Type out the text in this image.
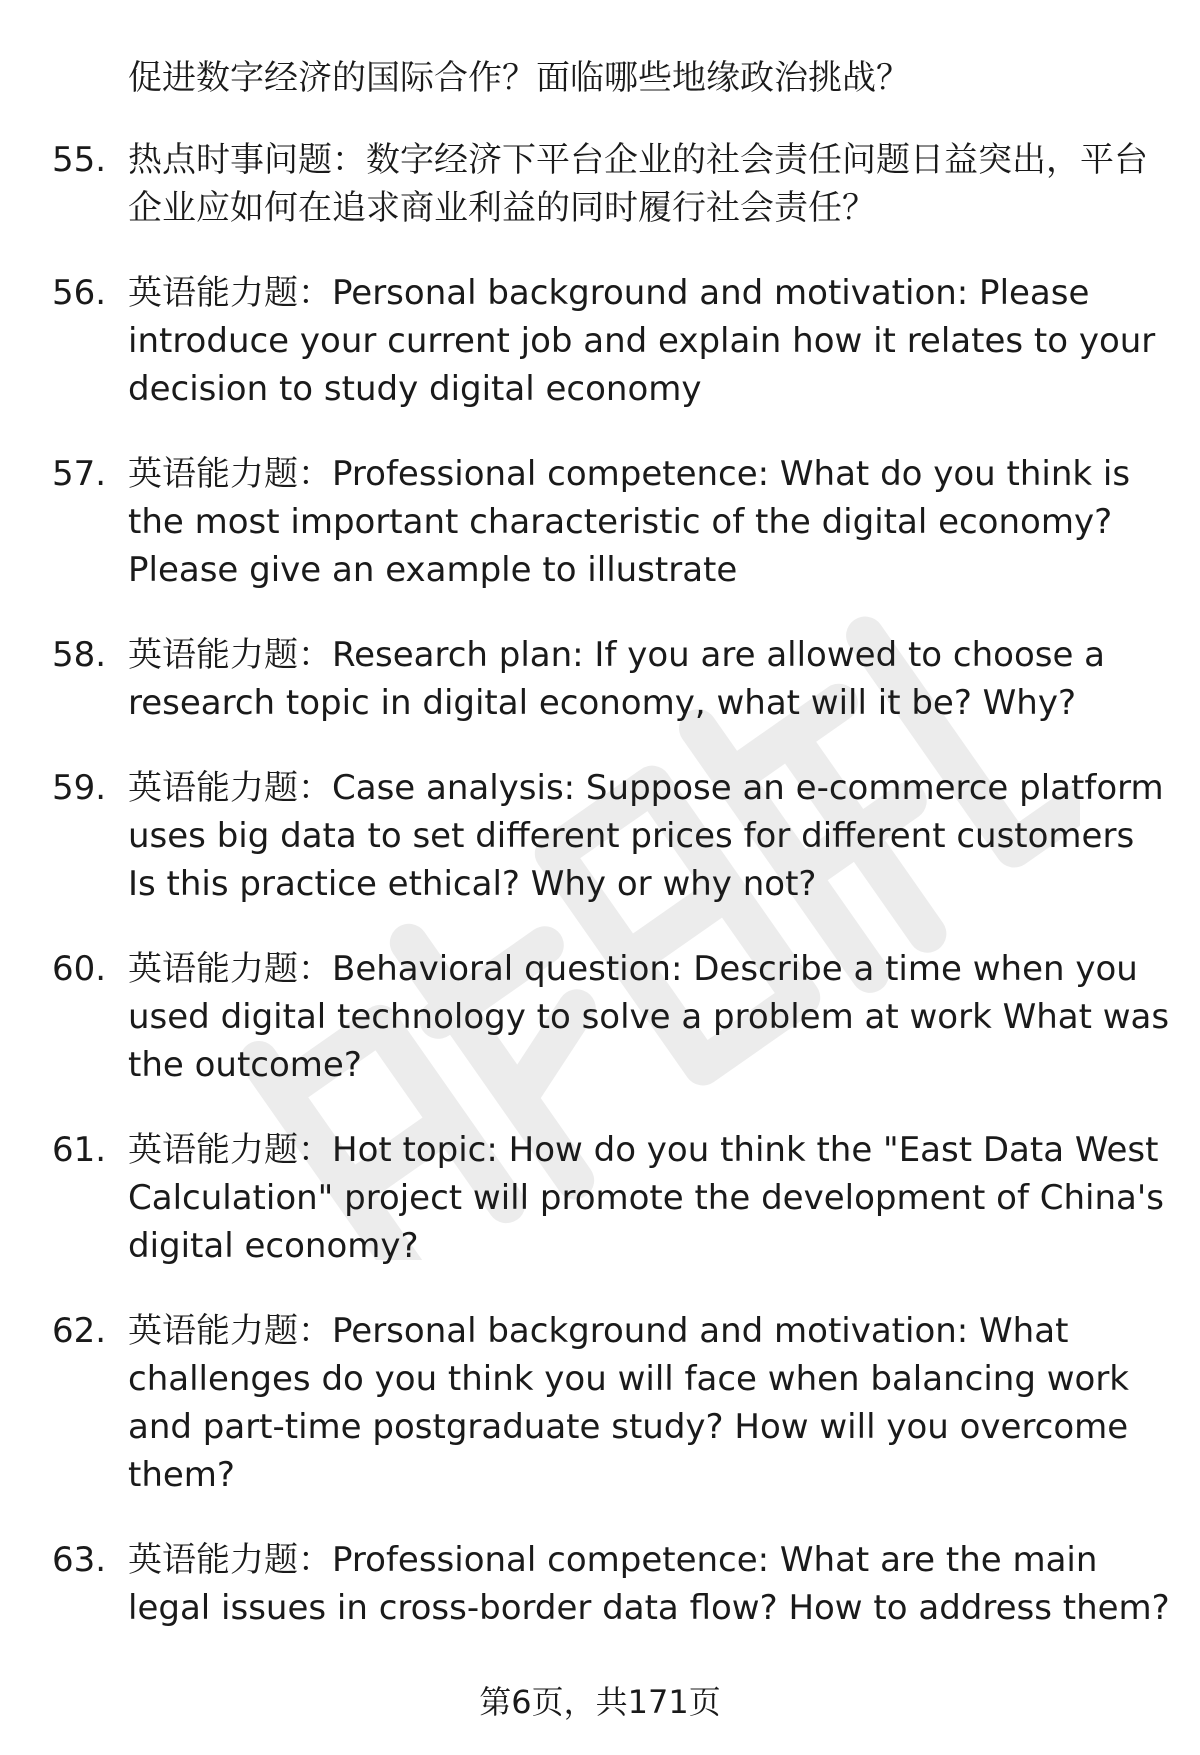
促进数字经济的国际合作？面临哪些地缘政治挑战？
55. 热点时事问题：数字经济下平台企业的社会责任问题日益突出，平台企业应如何在追求商业利益的同时履行社会责任？
56. 英语能力题：Personal background and motivation: Please introduce your current job and explain how it relates to your decision to study digital economy
57. 英语能力题：Professional competence: What do you think is the most important characteristic of the digital economy? Please give an example to illustrate
58. 英语能力题：Research plan: If you are allowed to choose a research topic in digital economy, what will it be? Why?
59. 英语能力题：Case analysis: Suppose an e-commerce platform uses big data to set different prices for different customers Is this practice ethical? Why or why not?
60. 英语能力题：Behavioral question: Describe a time when you used digital technology to solve a problem at work What was the outcome?
61. 英语能力题：Hot topic: How do you think the "East Data West Calculation" project will promote the development of China's digital economy?
62. 英语能力题：Personal background and motivation: What challenges do you think you will face when balancing work and part-time postgraduate study? How will you overcome them?
63. 英语能力题：Professional competence: What are the main legal issues in cross-border data flow? How to address them?
第6页，共171页
